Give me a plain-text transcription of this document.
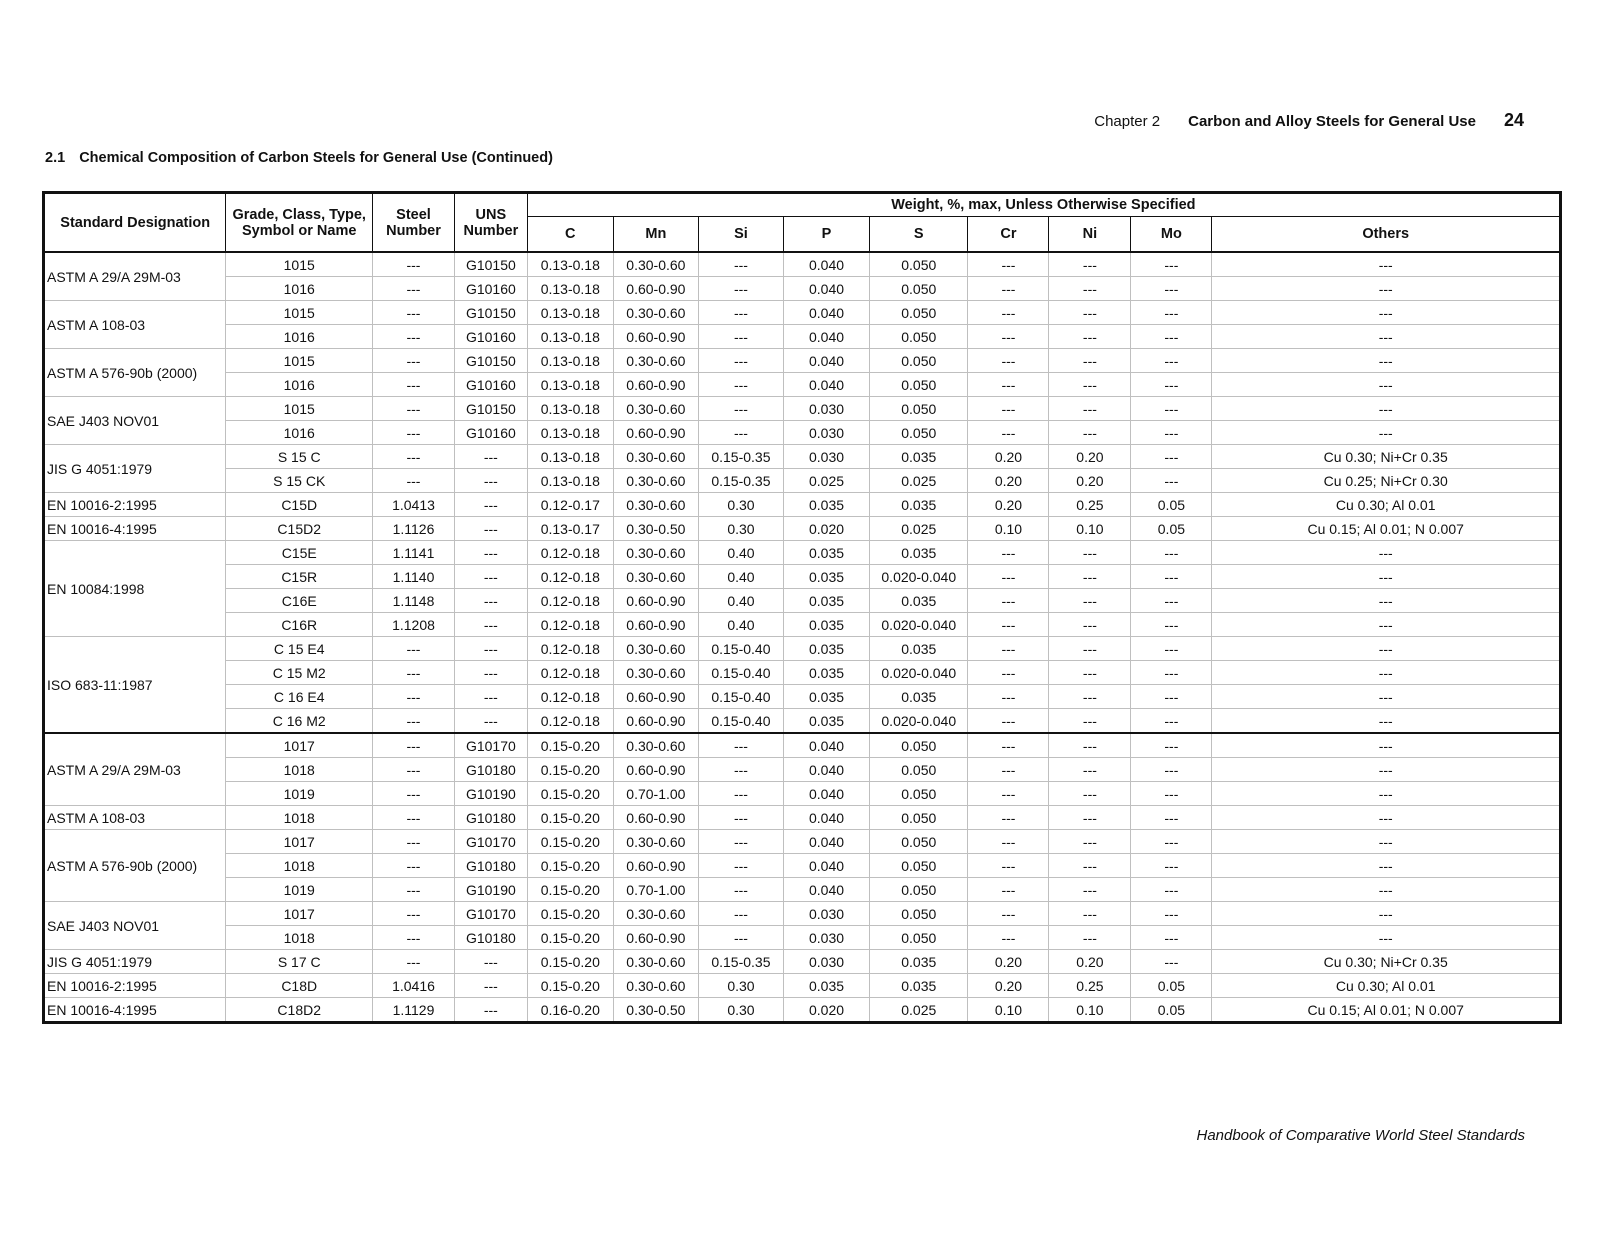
Chapter 2 Carbon and Alloy Steels for General Use 24
2.1 Chemical Composition of Carbon Steels for General Use (Continued)
Standard Designation	Grade, Class, Type, Symbol or Name	Steel Number	UNS Number	Weight, %, max, Unless Otherwise Specified								
				C	Mn	Si	P	S	Cr	Ni	Mo	Others
ASTM A 29/A 29M-03	1015	---	G10150	0.13-0.18	0.30-0.60	---	0.040	0.050	---	---	---	---
	1016	---	G10160	0.13-0.18	0.60-0.90	---	0.040	0.050	---	---	---	---
ASTM A 108-03	1015	---	G10150	0.13-0.18	0.30-0.60	---	0.040	0.050	---	---	---	---
	1016	---	G10160	0.13-0.18	0.60-0.90	---	0.040	0.050	---	---	---	---
ASTM A 576-90b (2000)	1015	---	G10150	0.13-0.18	0.30-0.60	---	0.040	0.050	---	---	---	---
	1016	---	G10160	0.13-0.18	0.60-0.90	---	0.040	0.050	---	---	---	---
SAE J403 NOV01	1015	---	G10150	0.13-0.18	0.30-0.60	---	0.030	0.050	---	---	---	---
	1016	---	G10160	0.13-0.18	0.60-0.90	---	0.030	0.050	---	---	---	---
JIS G 4051:1979	S 15 C	---	---	0.13-0.18	0.30-0.60	0.15-0.35	0.030	0.035	0.20	0.20	---	Cu 0.30; Ni+Cr 0.35
	S 15 CK	---	---	0.13-0.18	0.30-0.60	0.15-0.35	0.025	0.025	0.20	0.20	---	Cu 0.25; Ni+Cr 0.30
EN 10016-2:1995	C15D	1.0413	---	0.12-0.17	0.30-0.60	0.30	0.035	0.035	0.20	0.25	0.05	Cu 0.30; Al 0.01
EN 10016-4:1995	C15D2	1.1126	---	0.13-0.17	0.30-0.50	0.30	0.020	0.025	0.10	0.10	0.05	Cu 0.15; Al 0.01; N 0.007
EN 10084:1998	C15E	1.1141	---	0.12-0.18	0.30-0.60	0.40	0.035	0.035	---	---	---	---
	C15R	1.1140	---	0.12-0.18	0.30-0.60	0.40	0.035	0.020-0.040	---	---	---	---
	C16E	1.1148	---	0.12-0.18	0.60-0.90	0.40	0.035	0.035	---	---	---	---
	C16R	1.1208	---	0.12-0.18	0.60-0.90	0.40	0.035	0.020-0.040	---	---	---	---
ISO 683-11:1987	C 15 E4	---	---	0.12-0.18	0.30-0.60	0.15-0.40	0.035	0.035	---	---	---	---
	C 15 M2	---	---	0.12-0.18	0.30-0.60	0.15-0.40	0.035	0.020-0.040	---	---	---	---
	C 16 E4	---	---	0.12-0.18	0.60-0.90	0.15-0.40	0.035	0.035	---	---	---	---
	C 16 M2	---	---	0.12-0.18	0.60-0.90	0.15-0.40	0.035	0.020-0.040	---	---	---	---
ASTM A 29/A 29M-03	1017	---	G10170	0.15-0.20	0.30-0.60	---	0.040	0.050	---	---	---	---
	1018	---	G10180	0.15-0.20	0.60-0.90	---	0.040	0.050	---	---	---	---
	1019	---	G10190	0.15-0.20	0.70-1.00	---	0.040	0.050	---	---	---	---
ASTM A 108-03	1018	---	G10180	0.15-0.20	0.60-0.90	---	0.040	0.050	---	---	---	---
ASTM A 576-90b (2000)	1017	---	G10170	0.15-0.20	0.30-0.60	---	0.040	0.050	---	---	---	---
	1018	---	G10180	0.15-0.20	0.60-0.90	---	0.040	0.050	---	---	---	---
	1019	---	G10190	0.15-0.20	0.70-1.00	---	0.040	0.050	---	---	---	---
SAE J403 NOV01	1017	---	G10170	0.15-0.20	0.30-0.60	---	0.030	0.050	---	---	---	---
	1018	---	G10180	0.15-0.20	0.60-0.90	---	0.030	0.050	---	---	---	---
JIS G 4051:1979	S 17 C	---	---	0.15-0.20	0.30-0.60	0.15-0.35	0.030	0.035	0.20	0.20	---	Cu 0.30; Ni+Cr 0.35
EN 10016-2:1995	C18D	1.0416	---	0.15-0.20	0.30-0.60	0.30	0.035	0.035	0.20	0.25	0.05	Cu 0.30; Al 0.01
EN 10016-4:1995	C18D2	1.1129	---	0.16-0.20	0.30-0.50	0.30	0.020	0.025	0.10	0.10	0.05	Cu 0.15; Al 0.01; N 0.007
Handbook of Comparative World Steel Standards
